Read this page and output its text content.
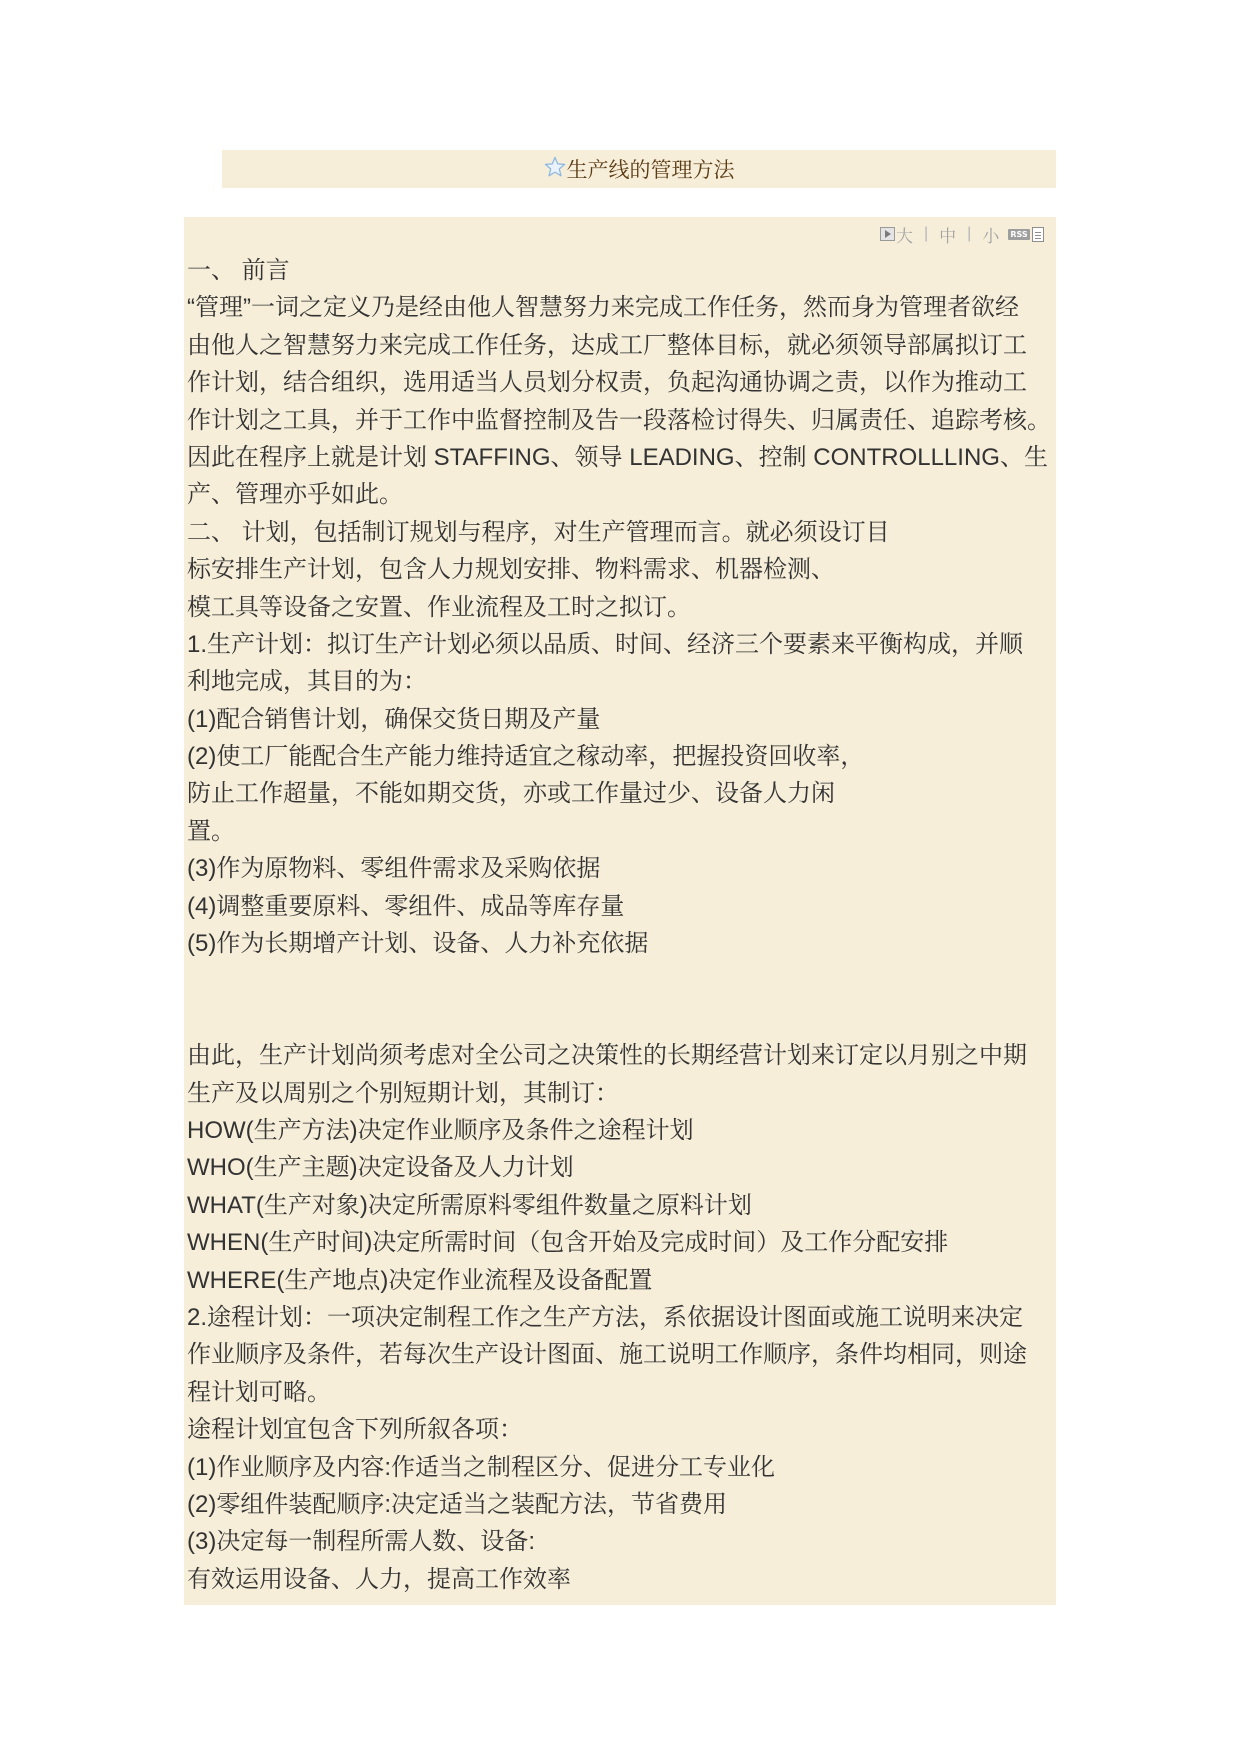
生产线的管理方法
大 | 中 | 小 RSS
一、 前言
“管理”一词之定义乃是经由他人智慧努力来完成工作任务，然而身为管理者欲经
由他人之智慧努力来完成工作任务，达成工厂整体目标，就必须领导部属拟订工
作计划，结合组织，选用适当人员划分权责，负起沟通协调之责，以作为推动工
作计划之工具，并于工作中监督控制及告一段落检讨得失、归属责任、追踪考核。
因此在程序上就是计划 STAFFING、领导 LEADING、控制 CONTROLLLING、生
产、管理亦乎如此。
二、 计划，包括制订规划与程序，对生产管理而言。就必须设订目
标安排生产计划，包含人力规划安排、物料需求、机器检测、
模工具等设备之安置、作业流程及工时之拟订。
1.生产计划：拟订生产计划必须以品质、时间、经济三个要素来平衡构成，并顺
利地完成，其目的为：
(1)配合销售计划，确保交货日期及产量
(2)使工厂能配合生产能力维持适宜之稼动率，把握投资回收率，
防止工作超量，不能如期交货，亦或工作量过少、设备人力闲
置。
(3)作为原物料、零组件需求及采购依据
(4)调整重要原料、零组件、成品等库存量
(5)作为长期增产计划、设备、人力补充依据
由此，生产计划尚须考虑对全公司之决策性的长期经营计划来订定以月别之中期
生产及以周别之个别短期计划，其制订：
HOW(生产方法)决定作业顺序及条件之途程计划
WHO(生产主题)决定设备及人力计划
WHAT(生产对象)决定所需原料零组件数量之原料计划
WHEN(生产时间)决定所需时间（包含开始及完成时间）及工作分配安排
WHERE(生产地点)决定作业流程及设备配置
2.途程计划：一项决定制程工作之生产方法，系依据设计图面或施工说明来决定
作业顺序及条件，若每次生产设计图面、施工说明工作顺序，条件均相同，则途
程计划可略。
途程计划宜包含下列所叙各项：
(1)作业顺序及内容:作适当之制程区分、促进分工专业化
(2)零组件装配顺序:决定适当之装配方法，节省费用
(3)决定每一制程所需人数、设备:
有效运用设备、人力，提高工作效率
